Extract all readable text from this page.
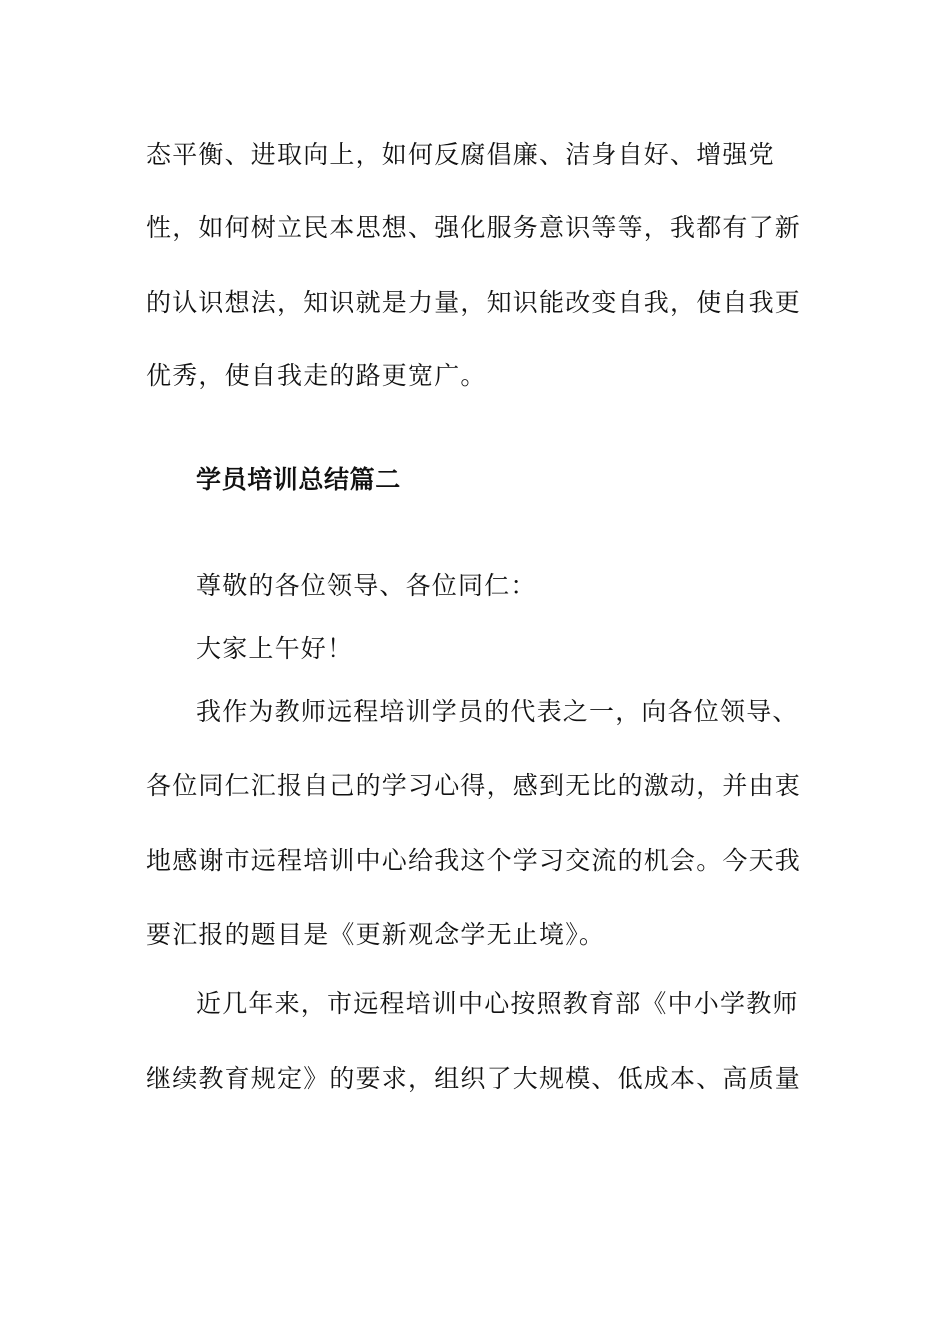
态平衡、进取向上，如何反腐倡廉、洁身自好、增强党
性，如何树立民本思想、强化服务意识等等，我都有了新
的认识想法，知识就是力量，知识能改变自我，使自我更
优秀，使自我走的路更宽广。
学员培训总结篇二
尊敬的各位领导、各位同仁：
大家上午好！
我作为教师远程培训学员的代表之一，向各位领导、
各位同仁汇报自己的学习心得，感到无比的激动，并由衷
地感谢市远程培训中心给我这个学习交流的机会。今天我
要汇报的题目是《更新观念学无止境》。
近几年来，市远程培训中心按照教育部《中小学教师
继续教育规定》的要求，组织了大规模、低成本、高质量
